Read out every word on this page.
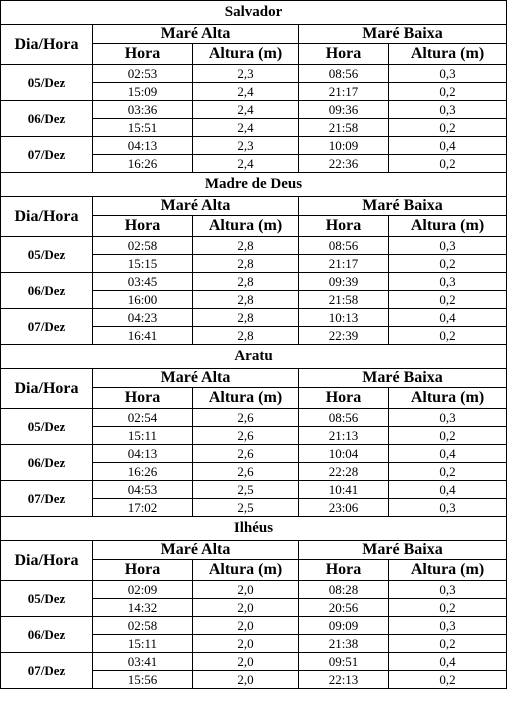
Salvador				
Dia/Hora	Maré Alta		Maré Baixa	
	Hora	Altura (m)	Hora	Altura (m)
05/Dez	02:53	2,3	08:56	0,3
	15:09	2,4	21:17	0,2
06/Dez	03:36	2,4	09:36	0,3
	15:51	2,4	21:58	0,2
07/Dez	04:13	2,3	10:09	0,4
	16:26	2,4	22:36	0,2
Madre de Deus				
Dia/Hora	Maré Alta		Maré Baixa	
	Hora	Altura (m)	Hora	Altura (m)
05/Dez	02:58	2,8	08:56	0,3
	15:15	2,8	21:17	0,2
06/Dez	03:45	2,8	09:39	0,3
	16:00	2,8	21:58	0,2
07/Dez	04:23	2,8	10:13	0,4
	16:41	2,8	22:39	0,2
Aratu				
Dia/Hora	Maré Alta		Maré Baixa	
	Hora	Altura (m)	Hora	Altura (m)
05/Dez	02:54	2,6	08:56	0,3
	15:11	2,6	21:13	0,2
06/Dez	04:13	2,6	10:04	0,4
	16:26	2,6	22:28	0,2
07/Dez	04:53	2,5	10:41	0,4
	17:02	2,5	23:06	0,3
Ilhéus				
Dia/Hora	Maré Alta		Maré Baixa	
	Hora	Altura (m)	Hora	Altura (m)
05/Dez	02:09	2,0	08:28	0,3
	14:32	2,0	20:56	0,2
06/Dez	02:58	2,0	09:09	0,3
	15:11	2,0	21:38	0,2
07/Dez	03:41	2,0	09:51	0,4
	15:56	2,0	22:13	0,2
